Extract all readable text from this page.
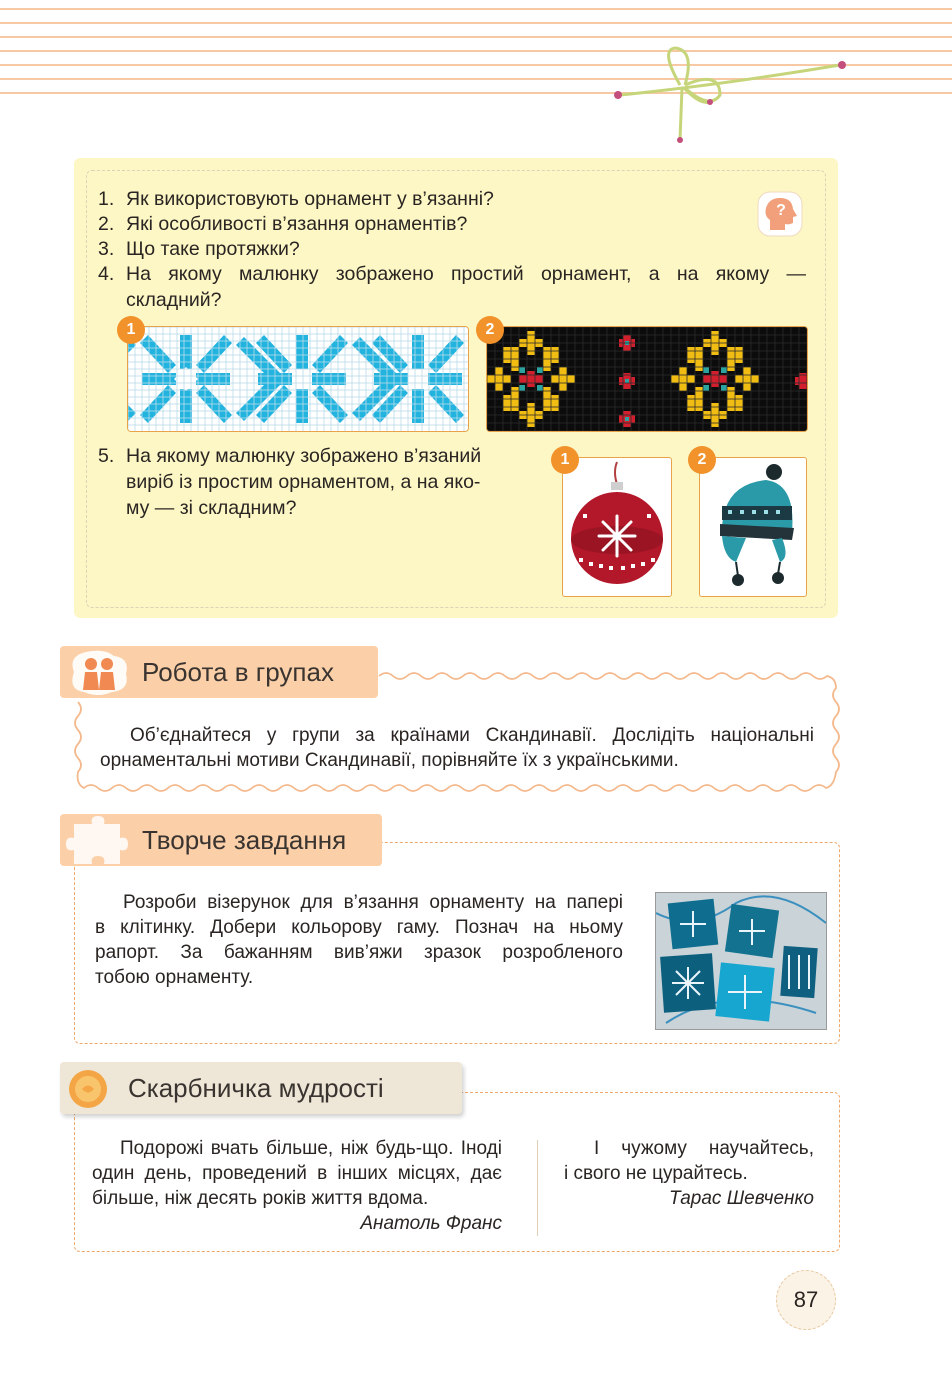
?
1. Як використовують орнамент у в’язанні?
2. Які особливості в’язання орнаментів?
3. Що таке протяжки?
4. На якому малюнку зображено простий орнамент, а на якому —
складний?
1	2
5. На якому малюнку зображено в’язаний
виріб із простим орнаментом, а на яко-
му — зі складним?
1	2
Робота в групах
Об’єднайтеся у групи за країнами Скандинавії. Дослідіть національні
орнаментальні мотиви Скандинавії, порівняйте їх з українськими.
Творче завдання
Розроби візерунок для в’язання орнаменту на папері
в клітинку. Добери кольорову гаму. Познач на ньому
рапорт. За бажанням вив’яжи зразок розробленого
тобою орнаменту.
Скарбничка мудрості
Подорожі вчать більше, ніж будь-що. Іноді
один день, проведений в інших місцях, дає
більше, ніж десять років життя вдома.
Анатоль Франс
І чужому научайтесь,
і свого не цурайтесь.
Тарас Шевченко
87
